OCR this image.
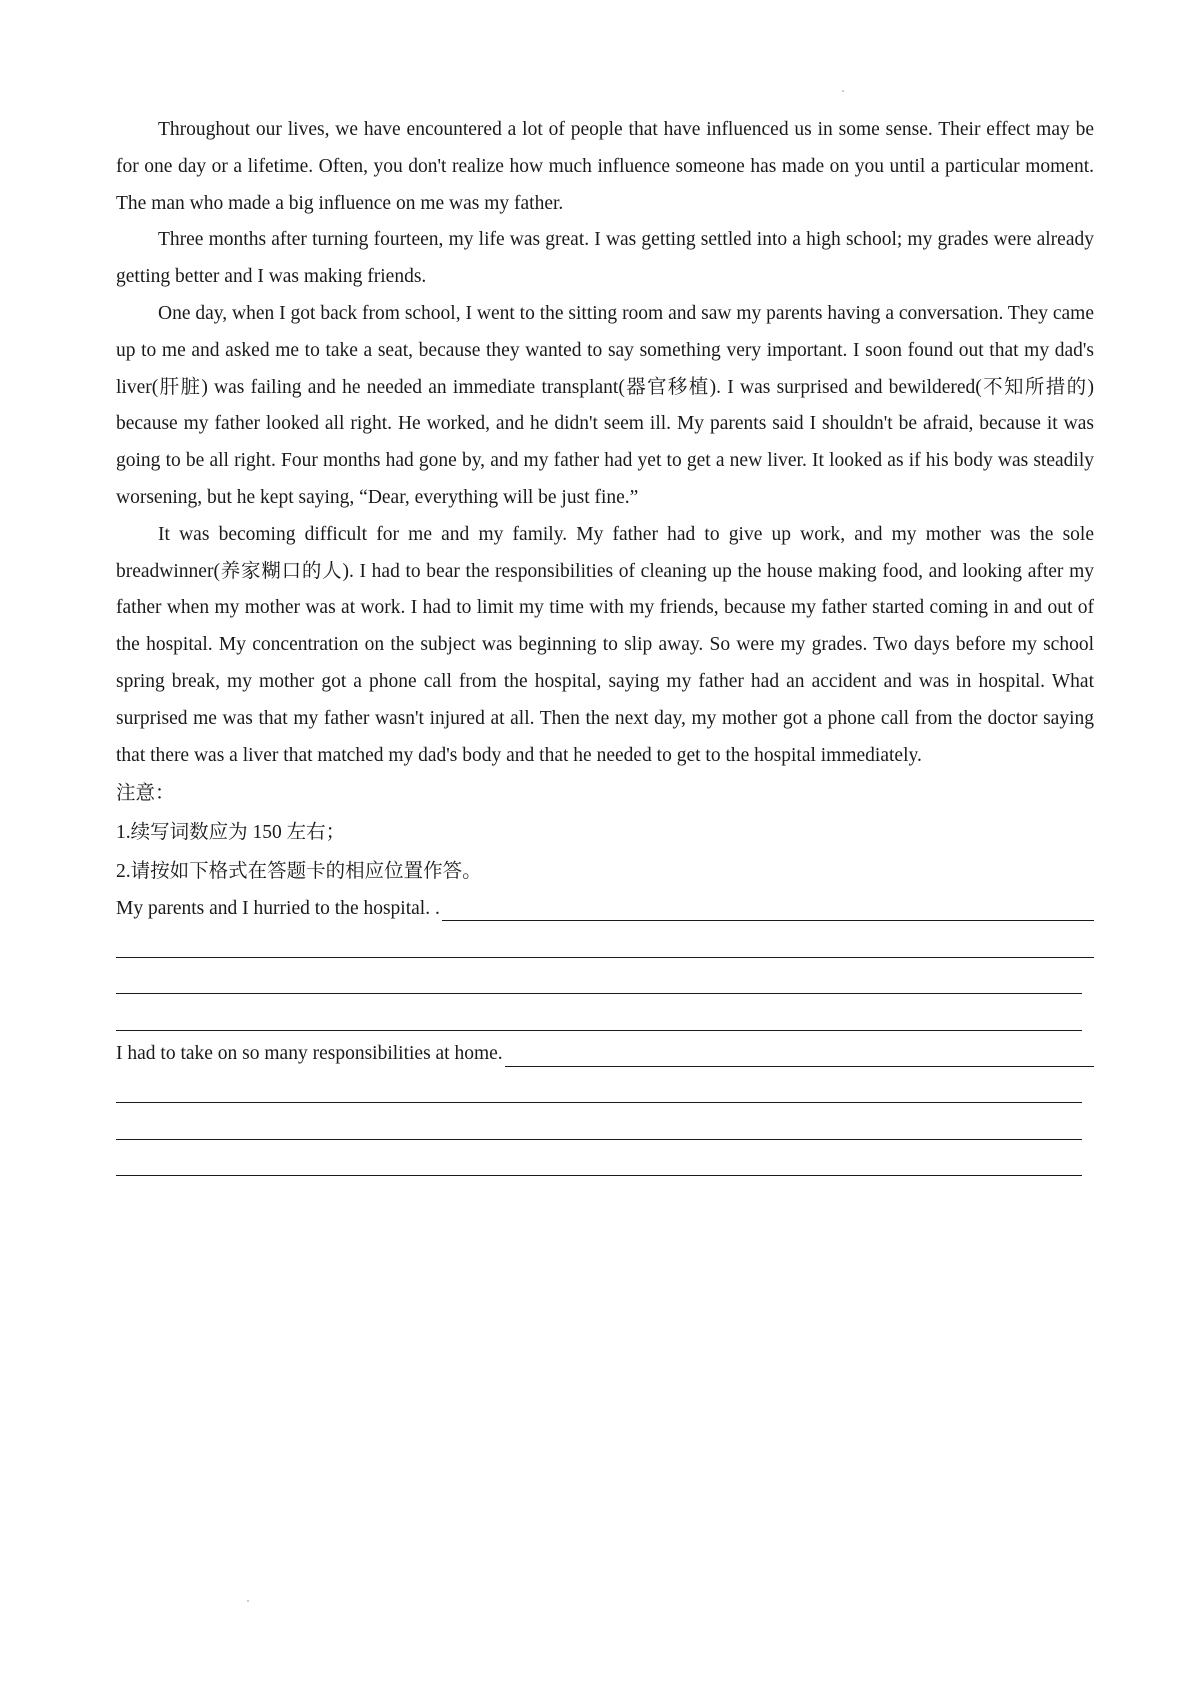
Throughout our lives, we have encountered a lot of people that have influenced us in some sense. Their effect may be for one day or a lifetime. Often, you don't realize how much influence someone has made on you until a particular moment. The man who made a big influence on me was my father.

Three months after turning fourteen, my life was great. I was getting settled into a high school; my grades were already getting better and I was making friends.

One day, when I got back from school, I went to the sitting room and saw my parents having a conversation. They came up to me and asked me to take a seat, because they wanted to say something very important. I soon found out that my dad's liver(肝脏) was failing and he needed an immediate transplant(器官移植). I was surprised and bewildered(不知所措的) because my father looked all right. He worked, and he didn't seem ill. My parents said I shouldn't be afraid, because it was going to be all right. Four months had gone by, and my father had yet to get a new liver. It looked as if his body was steadily worsening, but he kept saying, “Dear, everything will be just fine.”

It was becoming difficult for me and my family. My father had to give up work, and my mother was the sole breadwinner(养家糊口的人). I had to bear the responsibilities of cleaning up the house making food, and looking after my father when my mother was at work. I had to limit my time with my friends, because my father started coming in and out of the hospital. My concentration on the subject was beginning to slip away. So were my grades. Two days before my school spring break, my mother got a phone call from the hospital, saying my father had an accident and was in hospital. What surprised me was that my father wasn't injured at all. Then the next day, my mother got a phone call from the doctor saying that there was a liver that matched my dad's body and that he needed to get to the hospital immediately.

注意：

1.续写词数应为 150 左右；

2.请按如下格式在答题卡的相应位置作答。

My parents and I hurried to the hospital. .
I had to take on so many responsibilities at home.
